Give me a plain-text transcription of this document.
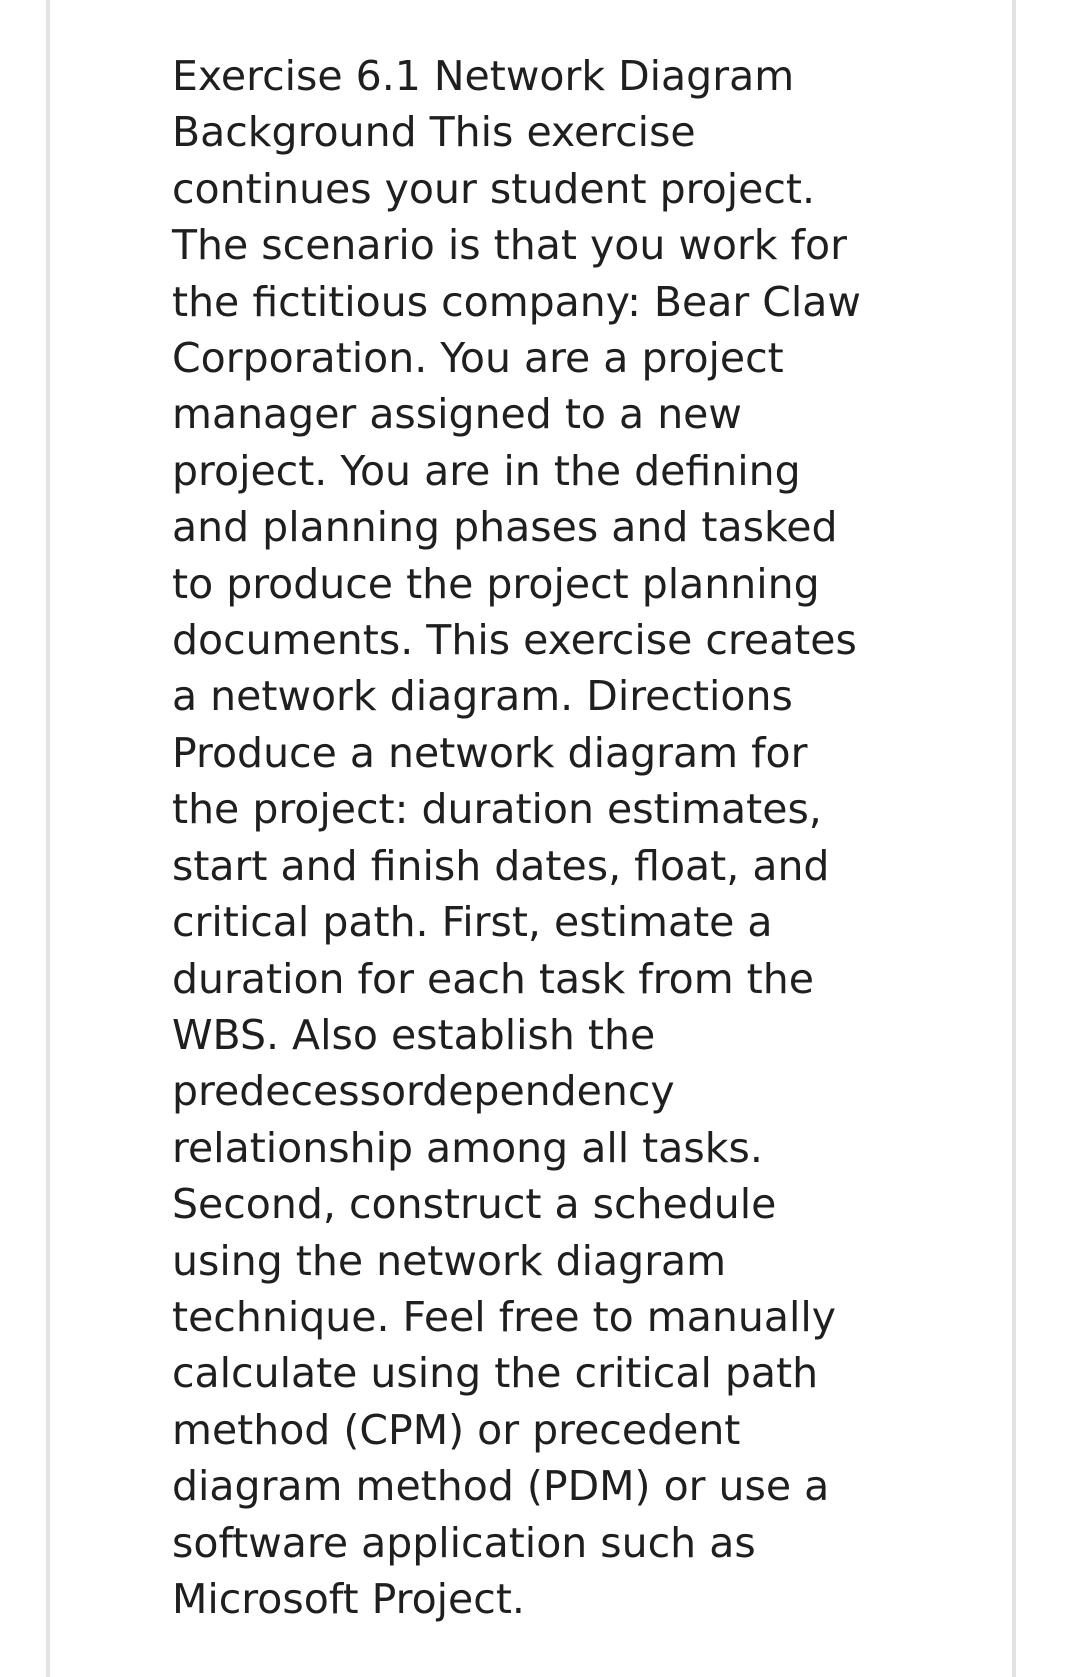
Exercise 6.1 Network Diagram
Background This exercise
continues your student project.
The scenario is that you work for
the fictitious company: Bear Claw
Corporation. You are a project
manager assigned to a new
project. You are in the defining
and planning phases and tasked
to produce the project planning
documents. This exercise creates
a network diagram. Directions
Produce a network diagram for
the project: duration estimates,
start and finish dates, float, and
critical path. First, estimate a
duration for each task from the
WBS. Also establish the
predecessordependency
relationship among all tasks.
Second, construct a schedule
using the network diagram
technique. Feel free to manually
calculate using the critical path
method (CPM) or precedent
diagram method (PDM) or use a
software application such as
Microsoft Project.
